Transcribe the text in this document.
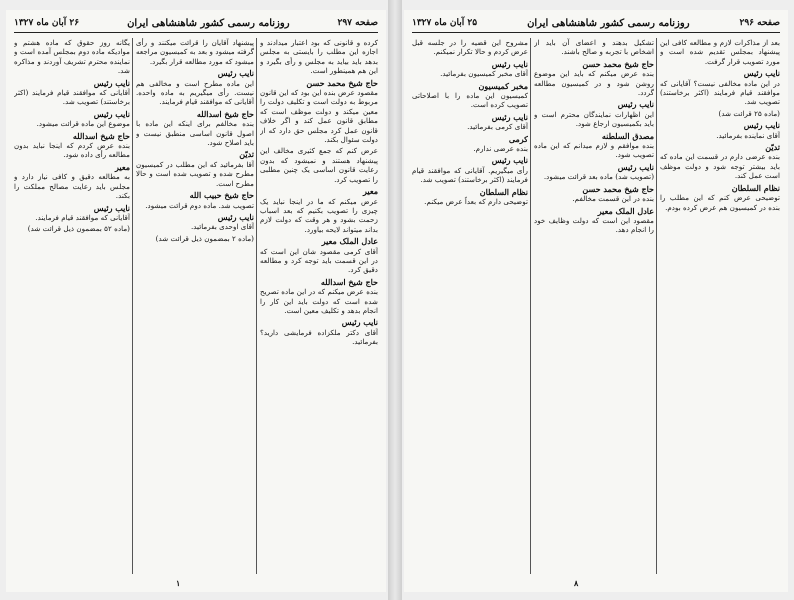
صفحه ۲۹۷
روزنامه رسمی کشور شاهنشاهی ایران
۲۶ آبان ماه ۱۳۲۷
کرده و قانونی که بود اعتبار میدادند و اجازه این مطلب را بایستی به مجلس بدهد باید بیاید به مجلس و رأی بگیرد و این هم همینطور است.
حاج شیخ محمد حسن
مقصود عرض بنده این بود که این قانون مربوط به دولت است و تکلیف دولت را معین میکند و دولت موظف است که مطابق قانون عمل کند و اگر خلاف قانون عمل کرد مجلس حق دارد که از دولت سئوال بکند.
عرض کنم که جمع کثیری مخالف این پیشنهاد هستند و نمیشود که بدون رعایت قانون اساسی یک چنین مطلبی را تصویب کرد.
معیر
عرض میکنم که ما در اینجا نباید یک چیزی را تصویب بکنیم که بعد اسباب زحمت بشود و هر وقت که دولت لازم بداند میتواند لایحه بیاورد.
عادل الملک معیر
آقای کرمی مقصود شان این است که در این قسمت باید توجه کرد و مطالعه دقیق کرد.
حاج شیخ اسدالله
بنده عرض میکنم که در این ماده تصریح شده است که دولت باید این کار را انجام بدهد و تکلیف معین است.
نایب رئیس
آقای دکتر ملکزاده فرمایشی دارید؟ بفرمائید.
پیشنهاد آقایان را قرائت میکنند و رأی گرفته میشود و بعد به کمیسیون مراجعه میشود که مورد مطالعه قرار بگیرد.
نایب رئیس
این ماده مطرح است و مخالفی هم نیست. رأی میگیریم به ماده واحده. آقایانی که موافقند قیام فرمایند.
حاج شیخ اسدالله
بنده مخالفم برای اینکه این ماده با اصول قانون اساسی منطبق نیست و باید اصلاح شود.
تدیّن
آقا بفرمائید که این مطلب در کمیسیون مطرح شده و تصویب شده است و حالا مطرح است.
حاج شیخ حبیب الله
تصویب شد. ماده دوم قرائت میشود.
نایب رئیس
آقای اوحدی بفرمائید.
(ماده ۲ بمضمون ذیل قرائت شد)
یگانه روز حقوق که ماده هشتم و موادیکه ماده دوم بمجلس آمده است و نماینده محترم تشریف آوردند و مذاکره شد.
نایب رئیس
آقایانی که موافقند قیام فرمایند (اکثر برخاستند) تصویب شد.
نایب رئیس
موضوع این ماده قرائت میشود.
حاج شیخ اسدالله
بنده عرض کردم که اینجا نباید بدون مطالعه رأی داده شود.
معیر
به مطالعه دقیق و کافی نیاز دارد و مجلس باید رعایت مصالح مملکت را بکند.
نایب رئیس
آقایانی که موافقند قیام فرمایند.
(ماده ۵۲ بمضمون ذیل قرائت شد)
۱
صفحه ۲۹۶
روزنامه رسمی کشور شاهنشاهی ایران
۲۵ آبان ماه ۱۳۲۷
بعد از مذاکرات لازم و مطالعه کافی این پیشنهاد بمجلس تقدیم شده است و مورد تصویب قرار گرفت.
نایب رئیس
در این ماده مخالفی نیست؟ آقایانی که موافقند قیام فرمایند (اکثر برخاستند) تصویب شد.
(ماده ۲۵ قرائت شد)
نایب رئیس
آقای نماینده بفرمائید.
تدیّن
بنده عرضی دارم در قسمت این ماده که باید بیشتر توجه شود و دولت موظف است عمل کند.
نظام السلطان
توضیحی عرض کنم که این مطلب را بنده در کمیسیون هم عرض کرده بودم.
تشکیل بدهند و اعضای آن باید از اشخاص با تجربه و صالح باشند.
حاج شیخ محمد حسن
بنده عرض میکنم که باید این موضوع روشن شود و در کمیسیون مطالعه گردد.
نایب رئیس
این اظهارات نمایندگان محترم است و باید بکمیسیون ارجاع شود.
مصدق السلطنه
بنده موافقم و لازم میدانم که این ماده تصویب شود.
نایب رئیس
(تصویب شد) ماده بعد قرائت میشود.
حاج شیخ محمد حسن
بنده در این قسمت مخالفم.
عادل الملک معیر
مقصود این است که دولت وظایف خود را انجام دهد.
مشروح این قضیه را در جلسه قبل عرض کردم و حالا تکرار نمیکنم.
نایب رئیس
آقای مخبر کمیسیون بفرمائید.
مخبر کمیسیون
کمیسیون این ماده را با اصلاحاتی تصویب کرده است.
نایب رئیس
آقای کرمی بفرمائید.
کرمی
بنده عرضی ندارم.
نایب رئیس
رأی میگیریم. آقایانی که موافقند قیام فرمایند (اکثر برخاستند) تصویب شد.
نظام السلطان
توضیحی دارم که بعداً عرض میکنم.
۸
